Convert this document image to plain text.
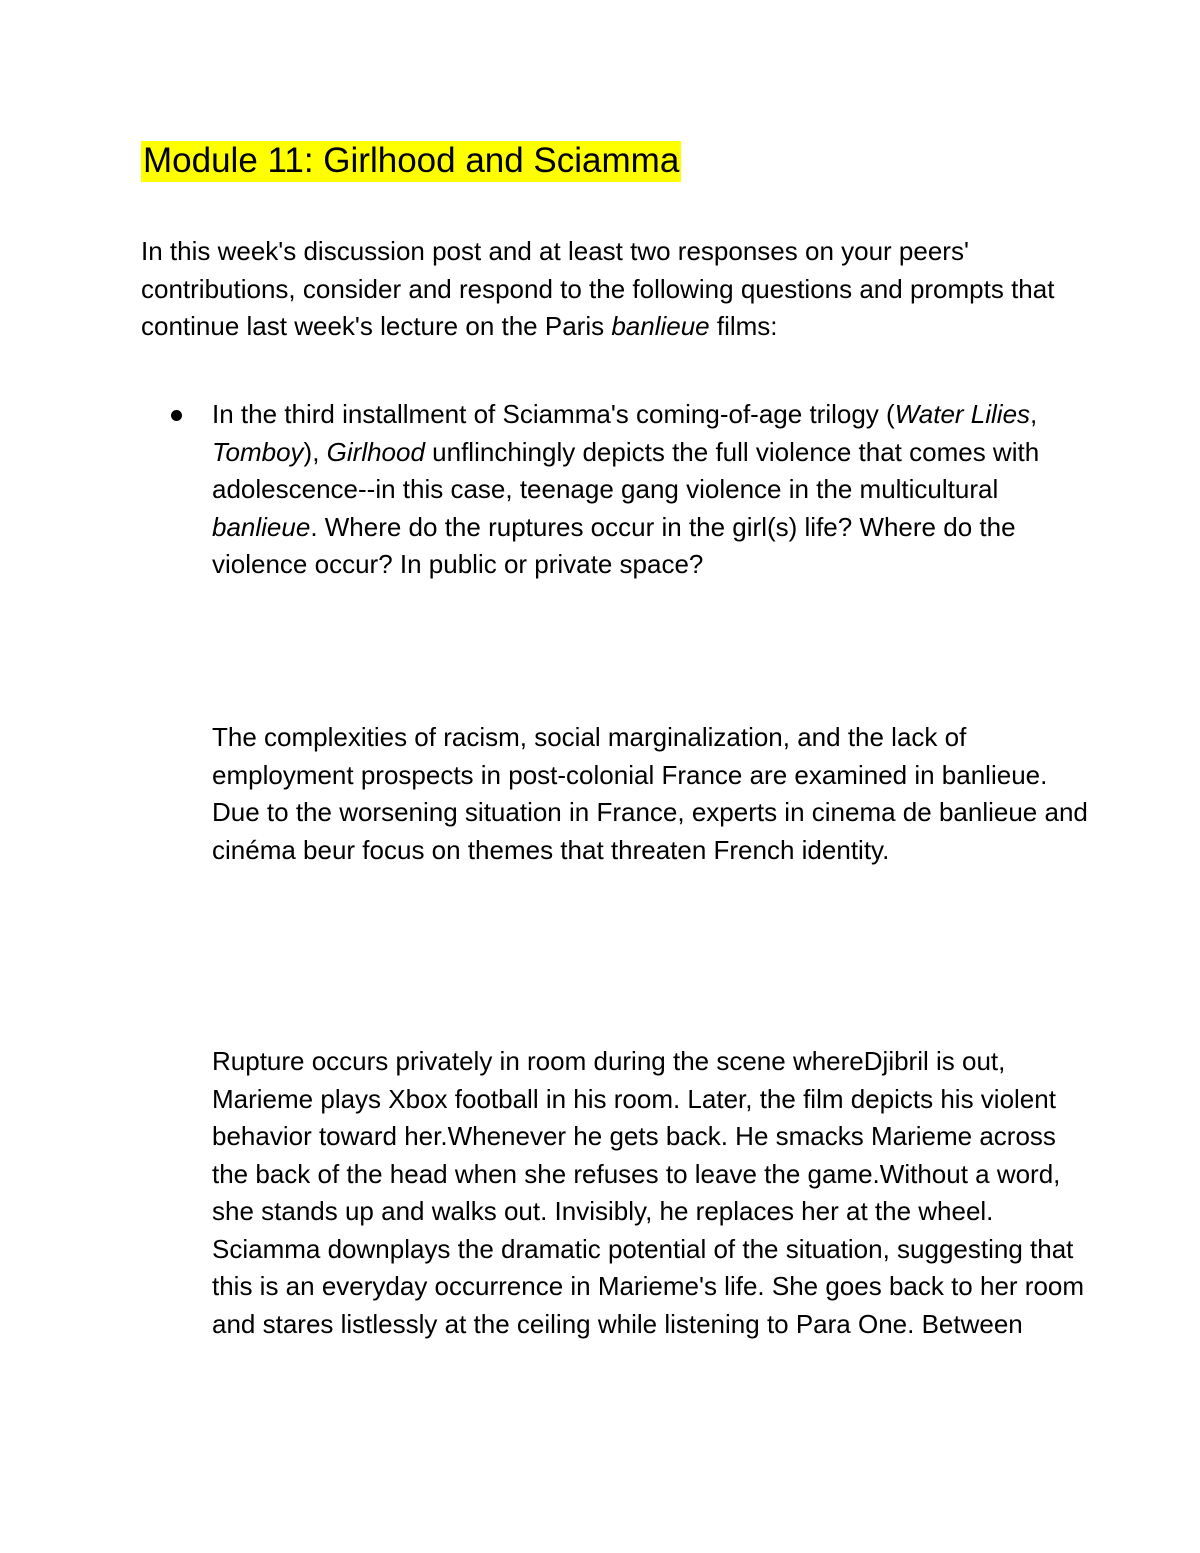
Module 11: Girlhood and Sciamma

In this week's discussion post and at least two responses on your peers' contributions, consider and respond to the following questions and prompts that continue last week's lecture on the Paris banlieue films:

In the third installment of Sciamma's coming-of-age trilogy (Water Lilies, Tomboy), Girlhood unflinchingly depicts the full violence that comes with adolescence--in this case, teenage gang violence in the multicultural banlieue. Where do the ruptures occur in the girl(s) life? Where do the violence occur? In public or private space?

The complexities of racism, social marginalization, and the lack of employment prospects in post-colonial France are examined in banlieue. Due to the worsening situation in France, experts in cinema de banlieue and cinéma beur focus on themes that threaten French identity.

Rupture occurs privately in room during the scene whereDjibril is out, Marieme plays Xbox football in his room. Later, the film depicts his violent behavior toward her.Whenever he gets back. He smacks Marieme across the back of the head when she refuses to leave the game.Without a word, she stands up and walks out. Invisibly, he replaces her at the wheel. Sciamma downplays the dramatic potential of the situation, suggesting that this is an everyday occurrence in Marieme's life. She goes back to her room and stares listlessly at the ceiling while listening to Para One. Between
